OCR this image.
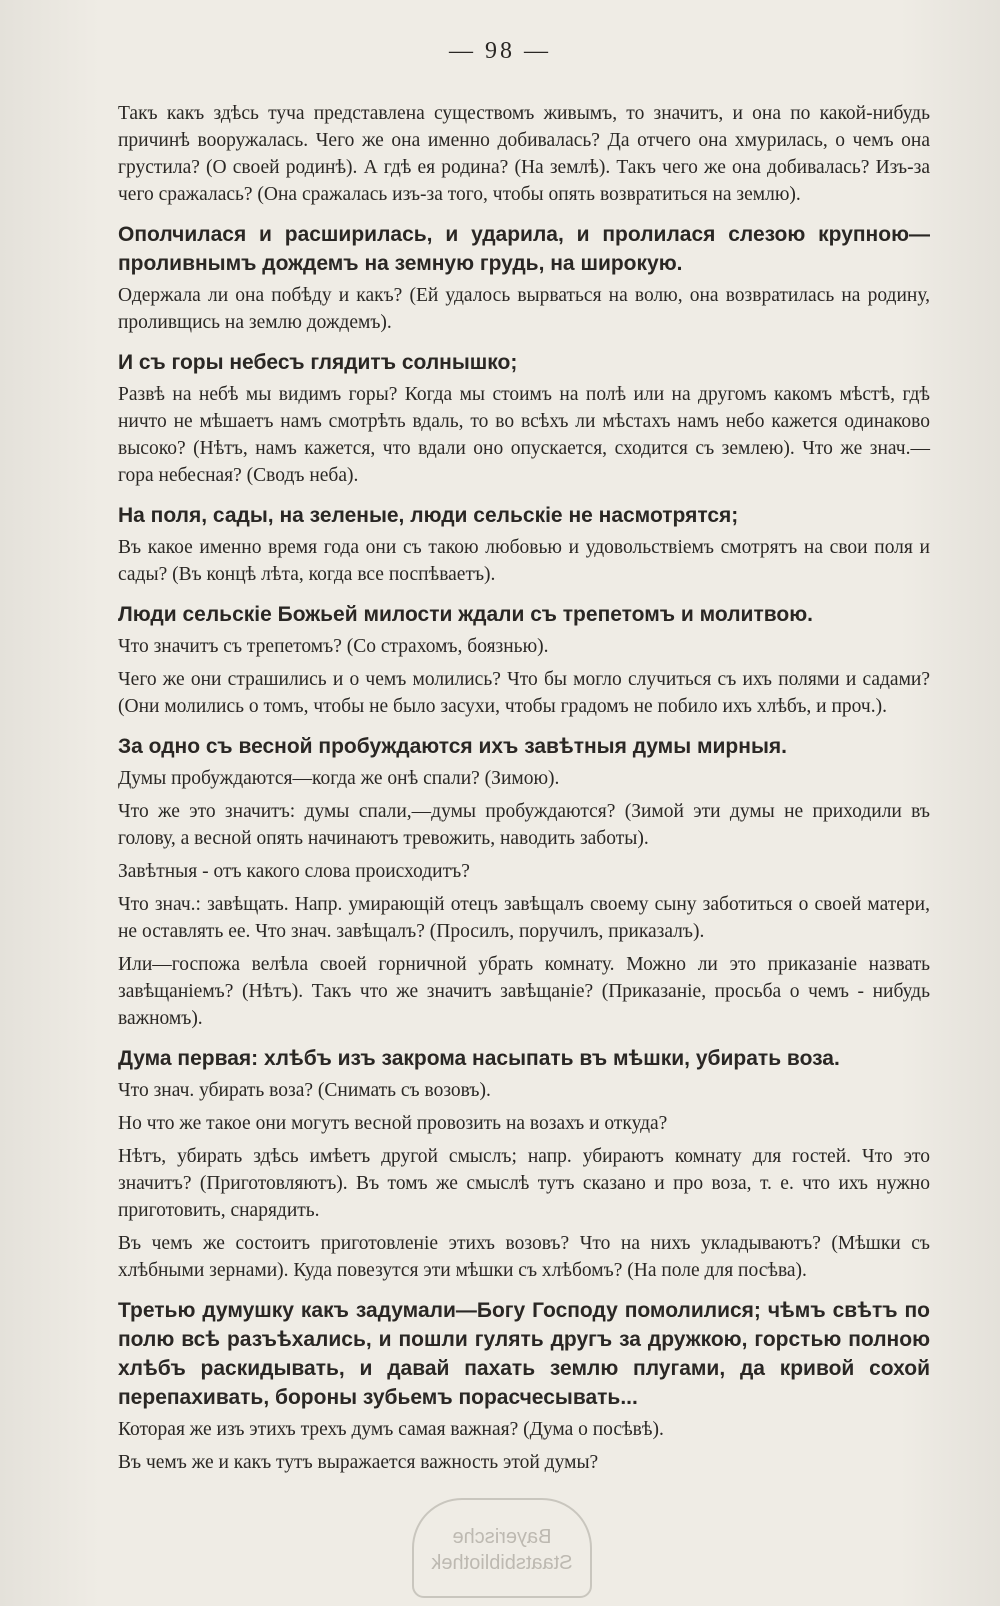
— 98 —

Такъ какъ здѣсь туча представлена существомъ живымъ, то значитъ, и она по какой-нибудь причинѣ вооружалась. Чего же она именно добивалась? Да отчего она хмурилась, о чемъ она грустила? (О своей родинѣ). А гдѣ ея родина? (На землѣ). Такъ чего же она добивалась? Изъ-за чего сражалась? (Она сражалась изъ-за того, чтобы опять возвратиться на землю).

Ополчилася и расширилась, и ударила, и пролилася слезою крупною—проливнымъ дождемъ на земную грудь, на широкую.

Одержала ли она побѣду и какъ? (Ей удалось вырваться на волю, она возвратилась на родину, проливщись на землю дождемъ).

И съ горы небесъ глядитъ солнышко;

Развѣ на небѣ мы видимъ горы? Когда мы стоимъ на полѣ или на другомъ какомъ мѣстѣ, гдѣ ничто не мѣшаетъ намъ смотрѣть вдаль, то во всѣхъ ли мѣстахъ намъ небо кажется одинаково высоко? (Нѣтъ, намъ кажется, что вдали оно опускается, сходится съ землею). Что же знач.—гора небесная? (Сводъ неба).

На поля, сады, на зеленые, люди сельскіе не насмотрятся;

Въ какое именно время года они съ такою любовью и удовольствіемъ смотрятъ на свои поля и сады? (Въ концѣ лѣта, когда все поспѣваетъ).

Люди сельскіе Божьей милости ждали съ трепетомъ и молитвою.

Что значитъ съ трепетомъ? (Со страхомъ, боязнью).

Чего же они страшились и о чемъ молились? Что бы могло случиться съ ихъ полями и садами? (Они молились о томъ, чтобы не было засухи, чтобы градомъ не побило ихъ хлѣбъ, и проч.).

За одно съ весной пробуждаются ихъ завѣтныя думы мирныя.

Думы пробуждаются—когда же онѣ спали? (Зимою).

Что же это значитъ: думы спали,—думы пробуждаются? (Зимой эти думы не приходили въ голову, а весной опять начинаютъ тревожить, наводить заботы).

Завѣтныя - отъ какого слова происходитъ?

Что знач.: завѣщать. Напр. умирающій отецъ завѣщалъ своему сыну заботиться о своей матери, не оставлять ее. Что знач. завѣщалъ? (Просилъ, поручилъ, приказалъ).

Или—госпожа велѣла своей горничной убрать комнату. Можно ли это приказаніе назвать завѣщаніемъ? (Нѣтъ). Такъ что же значитъ завѣщаніе? (Приказаніе, просьба о чемъ - нибудь важномъ).

Дума первая: хлѣбъ изъ закрома насыпать въ мѣшки, убирать воза.

Что знач. убирать воза? (Снимать съ возовъ).

Но что же такое они могутъ весной провозить на возахъ и откуда?

Нѣтъ, убирать здѣсь имѣетъ другой смыслъ; напр. убираютъ комнату для гостей. Что это значитъ? (Приготовляютъ). Въ томъ же смыслѣ тутъ сказано и про воза, т. е. что ихъ нужно приготовить, снарядить.

Въ чемъ же состоитъ приготовленіе этихъ возовъ? Что на нихъ укладываютъ? (Мѣшки съ хлѣбными зернами). Куда повезутся эти мѣшки съ хлѣбомъ? (На поле для посѣва).

Третью думушку какъ задумали—Богу Господу помолилися; чѣмъ свѣтъ по полю всѣ разъѣхались, и пошли гулять другъ за дружкою, горстью полною хлѣбъ раскидывать, и давай пахать землю плугами, да кривой сохой перепахивать, бороны зубьемъ порасчесывать...

Которая же изъ этихъ трехъ думъ самая важная? (Дума о посѣвѣ).

Въ чемъ же и какъ тутъ выражается важность этой думы?

Bayerische
Staatsbibliothek
